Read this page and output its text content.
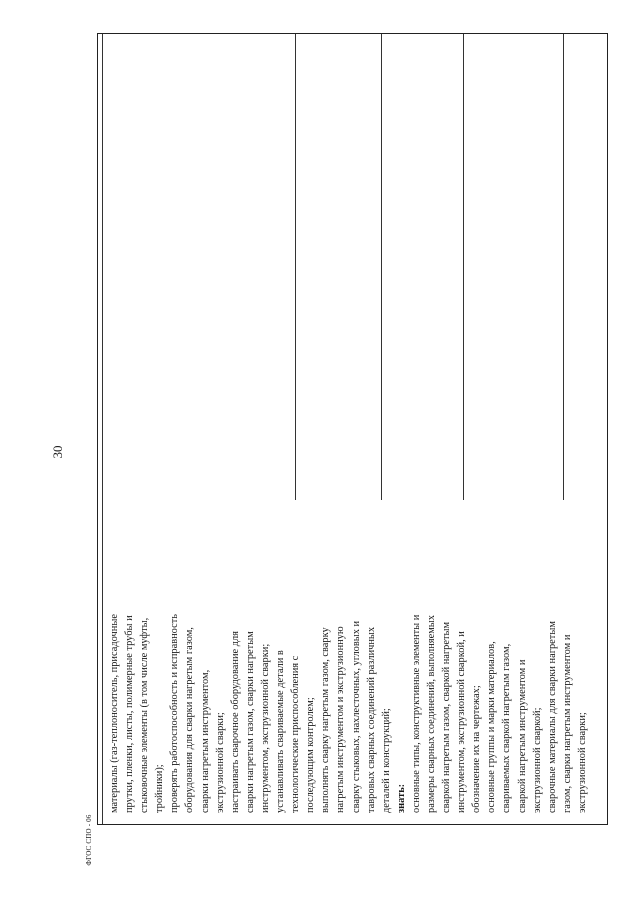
30
ФГОС СПО - 06

материалы (газ-теплоноситель, присадочные прутки, пленки, листы, полимерные трубы и стыковочные элементы (в том числе муфты, тройники); проверять работоспособность и исправность оборудования для сварки нагретым газом, сварки нагретым инструментом, экструзионной сварки; настраивать сварочное оборудование для сварки нагретым газом, сварки нагретым инструментом, экструзионной сварки; устанавливать свариваемые детали в технологические приспособления с последующим контролем; выполнять сварку нагретым газом, сварку нагретым инструментом и экструзионную сварку стыковых, нахлесточных, угловых и тавровых сварных соединений различных деталей и конструкций; знать: основные типы, конструктивные элементы и размеры сварных соединений, выполняемых сваркой нагретым газом, сваркой нагретым инструментом, экструзионной сваркой, и обозначение их на чертежах; основные группы и марки материалов, свариваемых сваркой нагретым газом, сваркой нагретым инструментом и экструзионной сваркой; сварочные материалы для сварки нагретым газом, сварки нагретым инструментом и экструзионной сварки;
